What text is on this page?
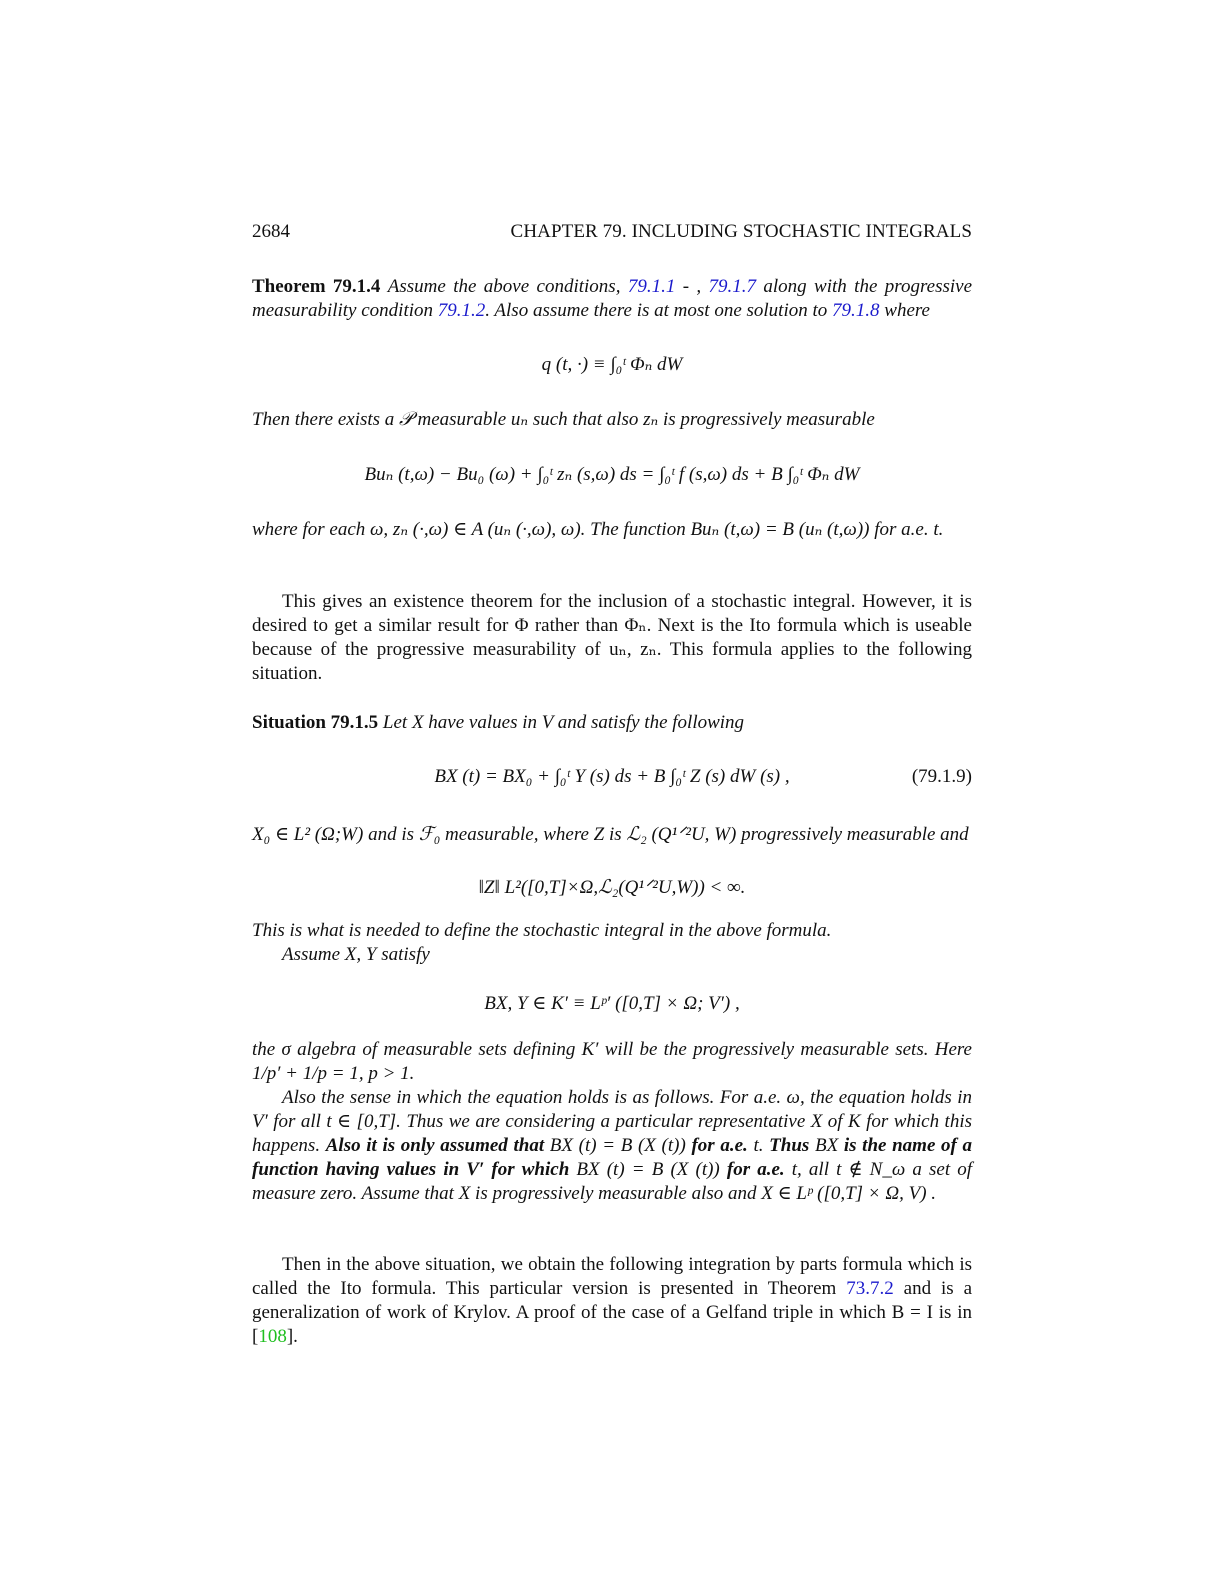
2684	CHAPTER 79. INCLUDING STOCHASTIC INTEGRALS
Theorem 79.1.4 Assume the above conditions, 79.1.1 - , 79.1.7 along with the progressive measurability condition 79.1.2. Also assume there is at most one solution to 79.1.8 where
q (t, ·) ≡ ∫₀ᵗ Φₙ dW
Then there exists a 𝒫 measurable uₙ such that also zₙ is progressively measurable
Buₙ (t,ω) − Bu₀ (ω) + ∫₀ᵗ zₙ (s,ω) ds = ∫₀ᵗ f (s,ω) ds + B ∫₀ᵗ Φₙ dW
where for each ω, zₙ (·,ω) ∈ A (uₙ (·,ω), ω). The function Buₙ (t,ω) = B (uₙ (t,ω)) for a.e. t.
This gives an existence theorem for the inclusion of a stochastic integral. However, it is desired to get a similar result for Φ rather than Φₙ. Next is the Ito formula which is useable because of the progressive measurability of uₙ, zₙ. This formula applies to the following situation.
Situation 79.1.5 Let X have values in V and satisfy the following
BX (t) = BX₀ + ∫₀ᵗ Y (s) ds + B ∫₀ᵗ Z (s) dW (s) ,	(79.1.9)
X₀ ∈ L² (Ω;W) and is ℱ₀ measurable, where Z is ℒ₂ (Q¹ᐟ²U, W) progressively measurable and
‖Z‖ L²([0,T]×Ω,ℒ₂(Q¹ᐟ²U,W)) < ∞.
This is what is needed to define the stochastic integral in the above formula.
Assume X, Y satisfy
BX, Y ∈ K′ ≡ Lᵖ′ ([0,T] × Ω; V′) ,
the σ algebra of measurable sets defining K′ will be the progressively measurable sets. Here 1/p′ + 1/p = 1, p > 1.
Also the sense in which the equation holds is as follows. For a.e. ω, the equation holds in V′ for all t ∈ [0,T]. Thus we are considering a particular representative X of K for which this happens. Also it is only assumed that BX (t) = B (X (t)) for a.e. t. Thus BX is the name of a function having values in V′ for which BX (t) = B (X (t)) for a.e. t, all t ∉ N_ω a set of measure zero. Assume that X is progressively measurable also and X ∈ Lᵖ ([0,T] × Ω, V) .
Then in the above situation, we obtain the following integration by parts formula which is called the Ito formula. This particular version is presented in Theorem 73.7.2 and is a generalization of work of Krylov. A proof of the case of a Gelfand triple in which B = I is in [108].
